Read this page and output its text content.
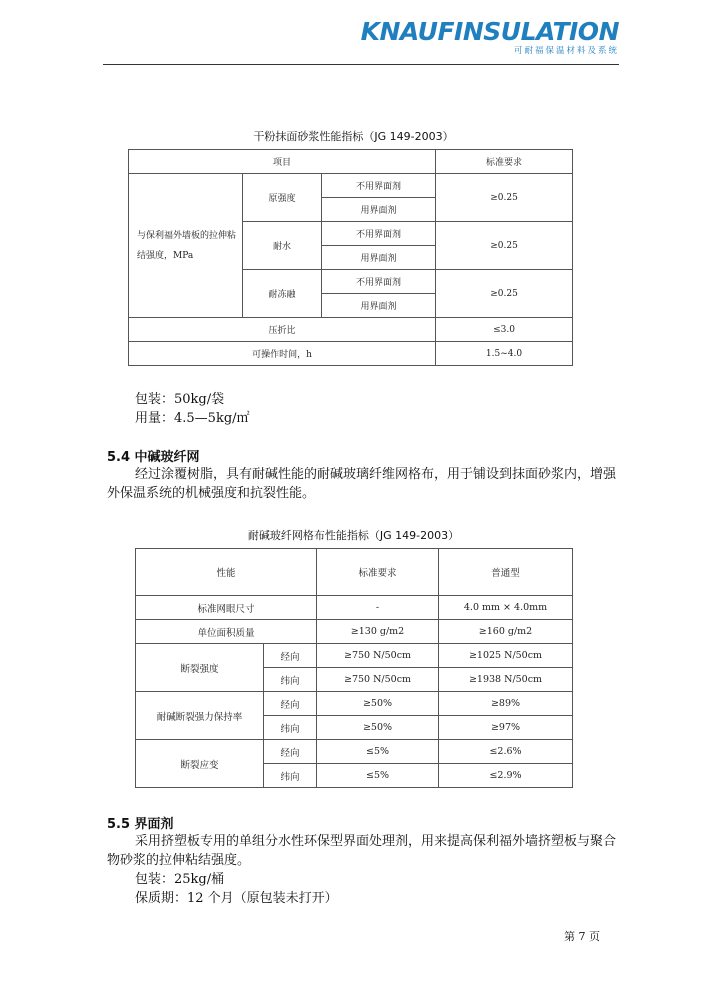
KNAUFINSULATION
可耐福保温材料及系统
干粉抹面砂浆性能指标（JG 149-2003）
项目			标准要求
与保利福外墙板的拉伸粘结强度，MPa	原强度	不用界面剂	≥0.25
		用界面剂	
	耐水	不用界面剂	≥0.25
		用界面剂	
	耐冻融	不用界面剂	≥0.25
		用界面剂	
压折比			≤3.0
可操作时间，h			1.5~4.0
包装：50kg/袋
用量：4.5—5kg/㎡
5.4 中碱玻纤网
经过涂覆树脂，具有耐碱性能的耐碱玻璃纤维网格布，用于铺设到抹面砂浆内，增强外保温系统的机械强度和抗裂性能。
耐碱玻纤网格布性能指标（JG 149-2003）
性能		标准要求	普通型
标准网眼尺寸		-	4.0 mm × 4.0mm
单位面积质量		≥130 g/m2	≥160 g/m2
断裂强度	经向	≥750 N/50cm	≥1025 N/50cm
	纬向	≥750 N/50cm	≥1938 N/50cm
耐碱断裂强力保持率	经向	≥50%	≥89%
	纬向	≥50%	≥97%
断裂应变	经向	≤5%	≤2.6%
	纬向	≤5%	≤2.9%
5.5 界面剂
采用挤塑板专用的单组分水性环保型界面处理剂，用来提高保利福外墙挤塑板与聚合物砂浆的拉伸粘结强度。
包装：25kg/桶
保质期：12 个月（原包装未打开）
第 7 页
